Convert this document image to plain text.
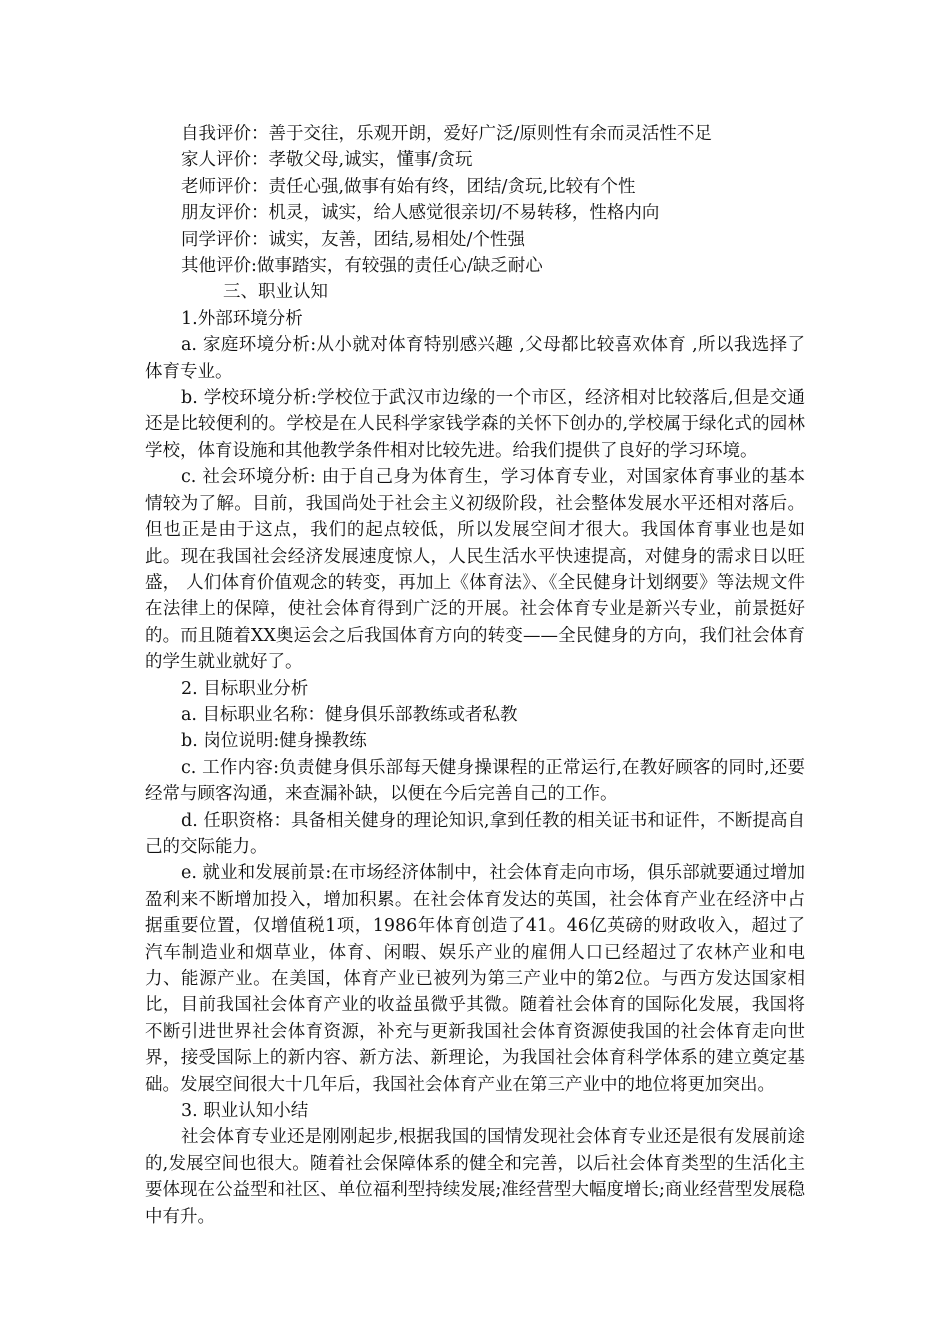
自我评价：善于交往，乐观开朗，爱好广泛/原则性有余而灵活性不足
家人评价：孝敬父母,诚实，懂事/贪玩
老师评价：责任心强,做事有始有终，团结/贪玩,比较有个性
朋友评价：机灵，诚实，给人感觉很亲切/不易转移，性格内向
同学评价：诚实，友善，团结,易相处/个性强
其他评价:做事踏实，有较强的责任心/缺乏耐心
三、职业认知
1.外部环境分析

a. 家庭环境分析:从小就对体育特别感兴趣 ,父母都比较喜欢体育 ,所以我选择了体育专业。

b. 学校环境分析:学校位于武汉市边缘的一个市区，经济相对比较落后,但是交通还是比较便利的。学校是在人民科学家钱学森的关怀下创办的,学校属于绿化式的园林学校，体育设施和其他教学条件相对比较先进。给我们提供了良好的学习环境。

c. 社会环境分析: 由于自己身为体育生，学习体育专业，对国家体育事业的基本情较为了解。目前，我国尚处于社会主义初级阶段，社会整体发展水平还相对落后。但也正是由于这点，我们的起点较低，所以发展空间才很大。我国体育事业也是如此。现在我国社会经济发展速度惊人，人民生活水平快速提高，对健身的需求日以旺盛， 人们体育价值观念的转变，再加上《体育法》、《全民健身计划纲要》等法规文件在法律上的保障，使社会体育得到广泛的开展。社会体育专业是新兴专业，前景挺好的。而且随着XX奥运会之后我国体育方向的转变——全民健身的方向，我们社会体育的学生就业就好了。

2. 目标职业分析
a. 目标职业名称：健身俱乐部教练或者私教
b. 岗位说明:健身操教练

c. 工作内容:负责健身俱乐部每天健身操课程的正常运行,在教好顾客的同时,还要经常与顾客沟通，来查漏补缺，以便在今后完善自己的工作。

d. 任职资格：具备相关健身的理论知识,拿到任教的相关证书和证件，不断提高自己的交际能力。

e. 就业和发展前景:在市场经济体制中，社会体育走向市场，俱乐部就要通过增加盈利来不断增加投入，增加积累。在社会体育发达的英国，社会体育产业在经济中占据重要位置，仅增值税1项，1986年体育创造了41。46亿英磅的财政收入，超过了汽车制造业和烟草业，体育、闲暇、娱乐产业的雇佣人口已经超过了农林产业和电力、能源产业。在美国，体育产业已被列为第三产业中的第2位。与西方发达国家相比，目前我国社会体育产业的收益虽微乎其微。随着社会体育的国际化发展，我国将不断引进世界社会体育资源，补充与更新我国社会体育资源使我国的社会体育走向世界，接受国际上的新内容、新方法、新理论，为我国社会体育科学体系的建立奠定基础。发展空间很大十几年后，我国社会体育产业在第三产业中的地位将更加突出。

3. 职业认知小结

社会体育专业还是刚刚起步,根据我国的国情发现社会体育专业还是很有发展前途的,发展空间也很大。随着社会保障体系的健全和完善，以后社会体育类型的生活化主要体现在公益型和社区、单位福利型持续发展;准经营型大幅度增长;商业经营型发展稳中有升。
